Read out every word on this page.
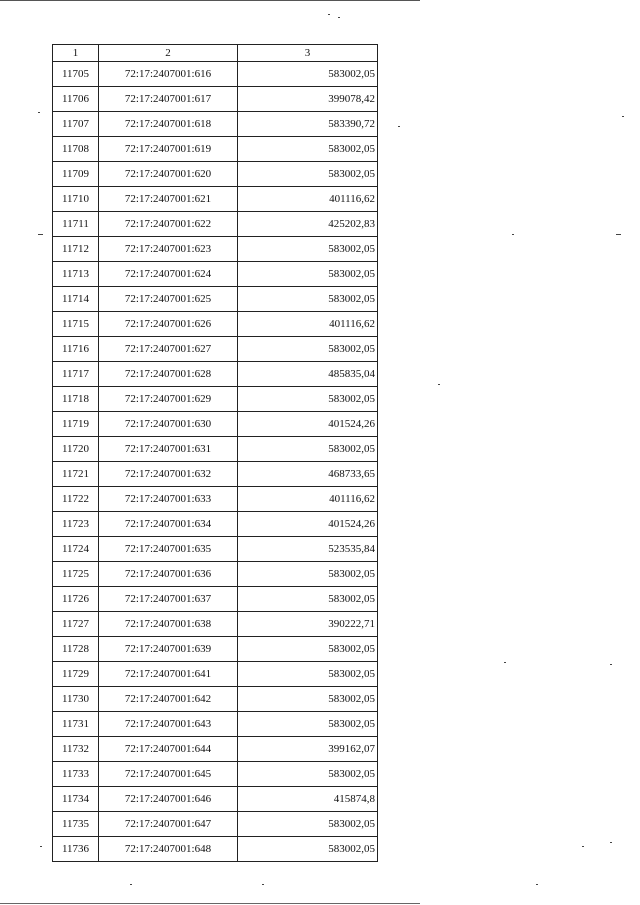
1	2	3
11705	72:17:2407001:616	583002,05
11706	72:17:2407001:617	399078,42
11707	72:17:2407001:618	583390,72
11708	72:17:2407001:619	583002,05
11709	72:17:2407001:620	583002,05
11710	72:17:2407001:621	401116,62
11711	72:17:2407001:622	425202,83
11712	72:17:2407001:623	583002,05
11713	72:17:2407001:624	583002,05
11714	72:17:2407001:625	583002,05
11715	72:17:2407001:626	401116,62
11716	72:17:2407001:627	583002,05
11717	72:17:2407001:628	485835,04
11718	72:17:2407001:629	583002,05
11719	72:17:2407001:630	401524,26
11720	72:17:2407001:631	583002,05
11721	72:17:2407001:632	468733,65
11722	72:17:2407001:633	401116,62
11723	72:17:2407001:634	401524,26
11724	72:17:2407001:635	523535,84
11725	72:17:2407001:636	583002,05
11726	72:17:2407001:637	583002,05
11727	72:17:2407001:638	390222,71
11728	72:17:2407001:639	583002,05
11729	72:17:2407001:641	583002,05
11730	72:17:2407001:642	583002,05
11731	72:17:2407001:643	583002,05
11732	72:17:2407001:644	399162,07
11733	72:17:2407001:645	583002,05
11734	72:17:2407001:646	415874,8
11735	72:17:2407001:647	583002,05
11736	72:17:2407001:648	583002,05
